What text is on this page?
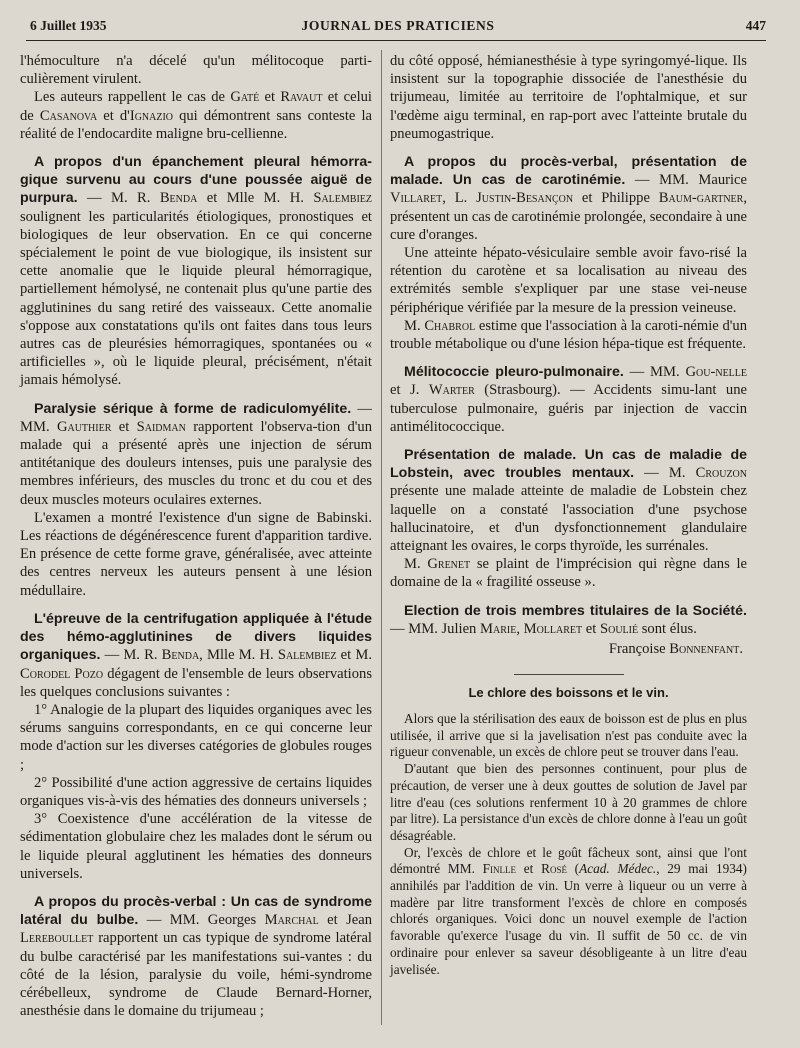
6 Juillet 1935	JOURNAL DES PRATICIENS	447

l'hémoculture n'a décelé qu'un mélitocoque parti-culièrement virulent.

Les auteurs rappellent le cas de Gaté et Ravaut et celui de Casanova et d'Ignazio qui démontrent sans conteste la réalité de l'endocardite maligne bru-cellienne.

A propos d'un épanchement pleural hémorra-gique survenu au cours d'une poussée aiguë de purpura. — M. R. Benda et Mlle M. H. Salembiez soulignent les particularités étiologiques, pronostiques et biologiques de leur observation. En ce qui concerne spécialement le point de vue biologique, ils insistent sur cette anomalie que le liquide pleural hémorragique, partiellement hémolysé, ne contenait plus qu'une partie des agglutinines du sang retiré des vaisseaux. Cette anomalie s'oppose aux constatations qu'ils ont faites dans tous leurs autres cas de pleurésies hémorragiques, spontanées ou « artificielles », où le liquide pleural, précisément, n'était jamais hémolysé.

Paralysie sérique à forme de radiculomyélite. — MM. Gauthier et Saidman rapportent l'observa-tion d'un malade qui a présenté après une injection de sérum antitétanique des douleurs intenses, puis une paralysie des membres inférieurs, des muscles du tronc et du cou et des deux muscles moteurs oculaires externes.

L'examen a montré l'existence d'un signe de Babinski. Les réactions de dégénérescence furent d'apparition tardive. En présence de cette forme grave, généralisée, avec atteinte des centres nerveux les auteurs pensent à une lésion médullaire.

L'épreuve de la centrifugation appliquée à l'étude des hémo-agglutinines de divers liquides organiques. — M. R. Benda, Mlle M. H. Salembiez et M. Corodel Pozo dégagent de l'ensemble de leurs observations les quelques conclusions suivantes :

1° Analogie de la plupart des liquides organiques avec les sérums sanguins correspondants, en ce qui concerne leur mode d'action sur les diverses catégories de globules rouges ;

2° Possibilité d'une action aggressive de certains liquides organiques vis-à-vis des hématies des donneurs universels ;

3° Coexistence d'une accélération de la vitesse de sédimentation globulaire chez les malades dont le sérum ou le liquide pleural agglutinent les hématies des donneurs universels.

A propos du procès-verbal : Un cas de syndrome latéral du bulbe. — MM. Georges Marchal et Jean Lereboullet rapportent un cas typique de syndrome latéral du bulbe caractérisé par les manifestations sui-vantes : du côté de la lésion, paralysie du voile, hémi-syndrome cérébelleux, syndrome de Claude Bernard-Horner, anesthésie dans le domaine du trijumeau ;

du côté opposé, hémianesthésie à type syringomyé-lique. Ils insistent sur la topographie dissociée de l'anesthésie du trijumeau, limitée au territoire de l'ophtalmique, et sur l'œdème aigu terminal, en rap-port avec l'atteinte brutale du pneumogastrique.

A propos du procès-verbal, présentation de malade. Un cas de carotinémie. — MM. Maurice Villaret, L. Justin-Besançon et Philippe Baum-gartner, présentent un cas de carotinémie prolongée, secondaire à une cure d'oranges.

Une atteinte hépato-vésiculaire semble avoir favo-risé la rétention du carotène et sa localisation au niveau des extrémités semble s'expliquer par une stase vei-neuse périphérique vérifiée par la mesure de la pression veineuse.

M. Chabrol estime que l'association à la caroti-némie d'un trouble métabolique ou d'une lésion hépa-tique est fréquente.

Mélitococcie pleuro-pulmonaire. — MM. Gou-nelle et J. Warter (Strasbourg). — Accidents simu-lant une tuberculose pulmonaire, guéris par injection de vaccin antimélitococcique.

Présentation de malade. Un cas de maladie de Lobstein, avec troubles mentaux. — M. Crouzon présente une malade atteinte de maladie de Lobstein chez laquelle on a constaté l'association d'une psychose hallucinatoire, et d'un dysfonctionnement glandulaire atteignant les ovaires, le corps thyroïde, les surrénales.

M. Grenet se plaint de l'imprécision qui règne dans le domaine de la « fragilité osseuse ».

Election de trois membres titulaires de la Société. — MM. Julien Marie, Mollaret et Soulié sont élus.

Françoise Bonnenfant.

Le chlore des boissons et le vin.

Alors que la stérilisation des eaux de boisson est de plus en plus utilisée, il arrive que si la javelisation n'est pas conduite avec la rigueur convenable, un excès de chlore peut se trouver dans l'eau.

D'autant que bien des personnes continuent, pour plus de précaution, de verser une à deux gouttes de solution de Javel par litre d'eau (ces solutions renferment 10 à 20 grammes de chlore par litre). La persistance d'un excès de chlore donne à l'eau un goût désagréable.

Or, l'excès de chlore et le goût fâcheux sont, ainsi que l'ont démontré MM. Finlle et Rosé (Acad. Médec., 29 mai 1934) annihilés par l'addition de vin. Un verre à liqueur ou un verre à madère par litre transforment l'excès de chlore en composés chlorés organiques. Voici donc un nouvel exemple de l'action favorable qu'exerce l'usage du vin. Il suffit de 50 cc. de vin ordinaire pour enlever sa saveur désobligeante à un litre d'eau javelisée.
